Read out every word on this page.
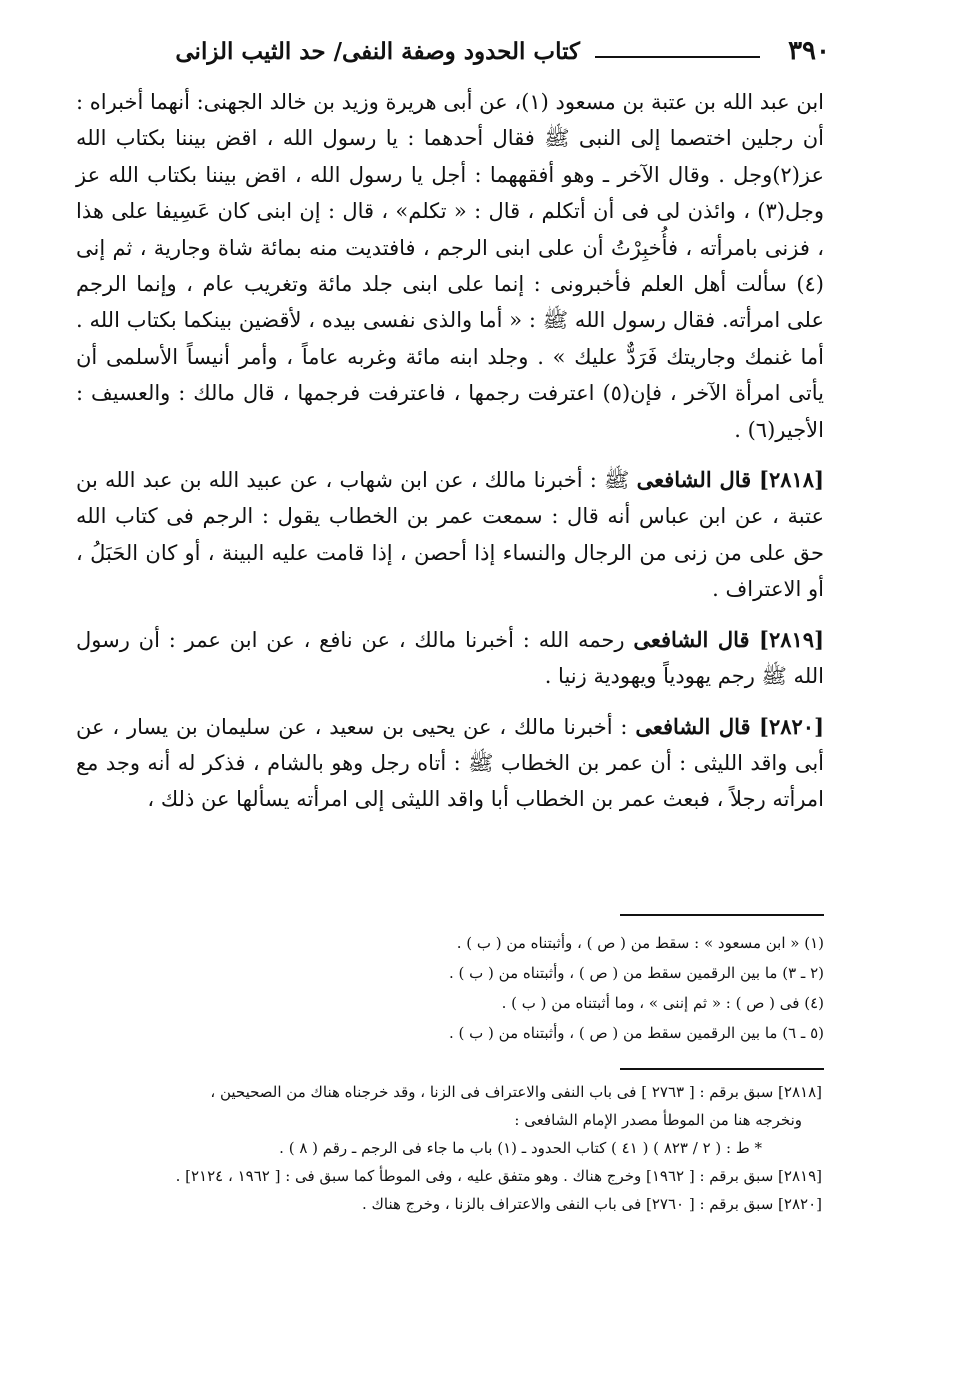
٣٩٠
كتاب الحدود وصفة النفى/ حد الثيب الزانى

ابن عبد الله بن عتبة بن مسعود (١)، عن أبى هريرة وزيد بن خالد الجهنى: أنهما أخبراه : أن رجلين اختصما إلى النبى ﷺ فقال أحدهما : يا رسول الله ، اقض بيننا بكتاب الله عز(٢)وجل . وقال الآخر ـ وهو أفقههما : أجل يا رسول الله ، اقض بيننا بكتاب الله عز وجل(٣) ، وائذن لى فى أن أتكلم ، قال : « تكلم» ، قال : إن ابنى كان عَسِيفا على هذا ، فزنى بامرأته ، فأُخبِرْتُ أن على ابنى الرجم ، فافتديت منه بمائة شاة وجارية ، ثم إنى (٤) سألت أهل العلم فأخبرونى : إنما على ابنى جلد مائة وتغريب عام ، وإنما الرجم على امرأته. فقال رسول الله ﷺ : « أما والذى نفسى بيده ، لأقضين بينكما بكتاب الله . أما غنمك وجاريتك فَرَدٌّ عليك » . وجلد ابنه مائة وغربه عاماً ، وأمر أنيساً الأسلمى أن يأتى امرأة الآخر ، فإن(٥) اعترفت رجمها ، فاعترفت فرجمها ، قال مالك : والعسيف : الأجير(٦) .

[٢٨١٨] قال الشافعى ﷺ : أخبرنا مالك ، عن ابن شهاب ، عن عبيد الله بن عبد الله بن عتبة ، عن ابن عباس أنه قال : سمعت عمر بن الخطاب يقول : الرجم فى كتاب الله حق على من زنى من الرجال والنساء إذا أحصن ، إذا قامت عليه البينة ، أو كان الحَبَلُ ، أو الاعتراف .

[٢٨١٩] قال الشافعى رحمه الله : أخبرنا مالك ، عن نافع ، عن ابن عمر : أن رسول الله ﷺ رجم يهودياً ويهودية زنيا .

[٢٨٢٠] قال الشافعى : أخبرنا مالك ، عن يحيى بن سعيد ، عن سليمان بن يسار ، عن أبى واقد الليثى : أن عمر بن الخطاب ﷺ : أتاه رجل وهو بالشام ، فذكر له أنه وجد مع امرأته رجلاً ، فبعث عمر بن الخطاب أبا واقد الليثى إلى امرأته يسألها عن ذلك ،

(١) « ابن مسعود » : سقط من ( ص ) ، وأثبتناه من ( ب ) .
(٢ ـ ٣) ما بين الرقمين سقط من ( ص ) ، وأثبتناه من ( ب ) .
(٤) فى ( ص ) : « ثم إننى » ، وما أثبتناه من ( ب ) .
(٥ ـ ٦) ما بين الرقمين سقط من ( ص ) ، وأثبتناه من ( ب ) .
[٢٨١٨] سبق برقم : [ ٢٧٦٣ ] فى باب النفى والاعتراف فى الزنا ، وقد خرجناه هناك من الصحيحين ،
ونخرجه هنا من الموطأ مصدر الإمام الشافعى :
* ط : ( ٢ / ٨٢٣ ) ( ٤١ ) كتاب الحدود ـ (١) باب ما جاء فى الرجم ـ رقم ( ٨ ) .
[٢٨١٩] سبق برقم : [ ١٩٦٢] وخرج هناك . وهو متفق عليه ، وفى الموطأ كما سبق فى : [ ١٩٦٢ ، ٢١٢٤] .
[٢٨٢٠] سبق برقم : [ ٢٧٦٠] فى باب النفى والاعتراف بالزنا ، وخرج هناك .
